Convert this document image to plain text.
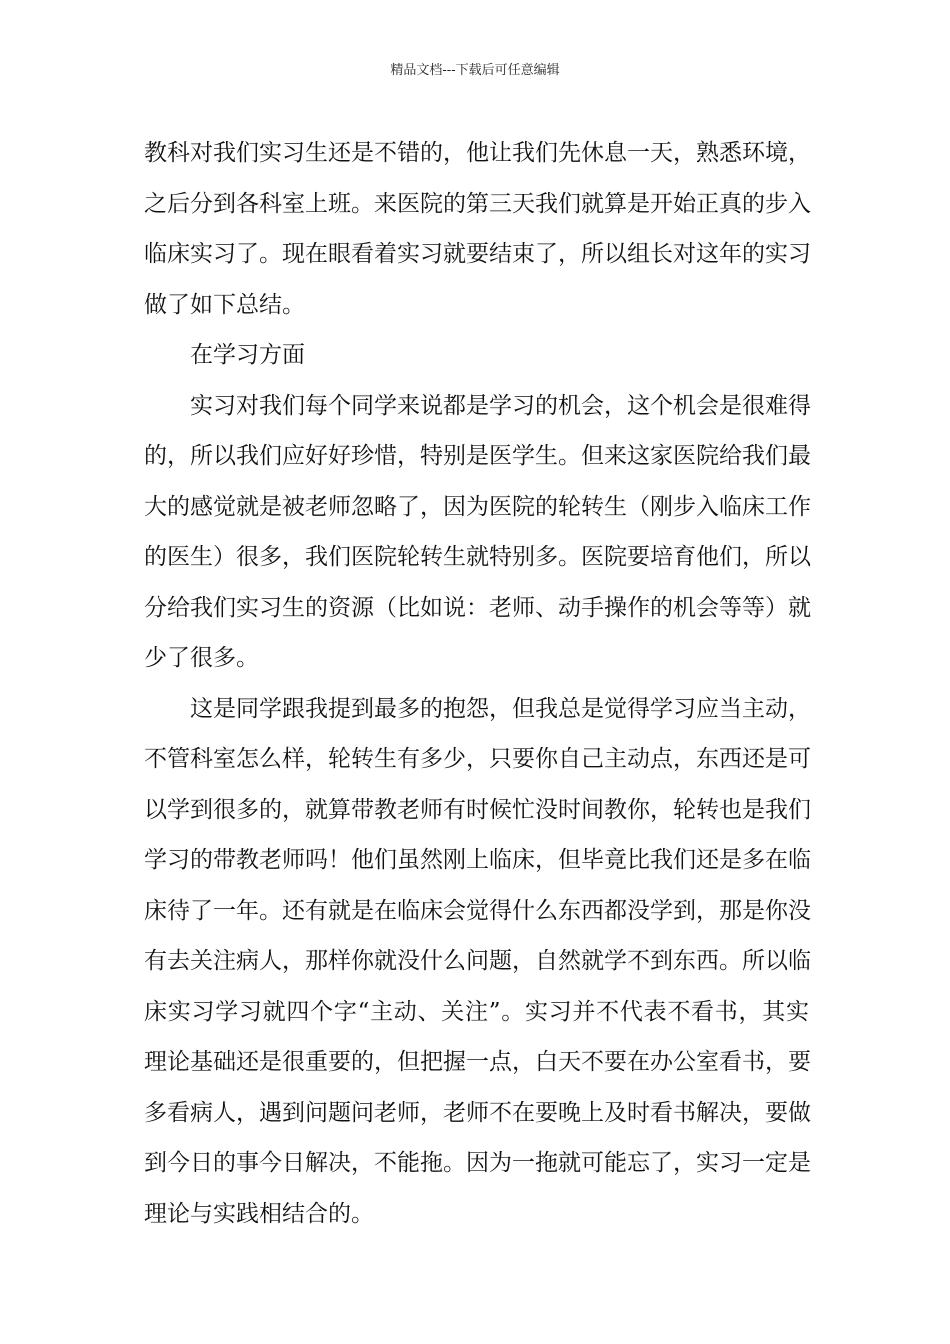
精品文档---下载后可任意编辑
教科对我们实习生还是不错的，他让我们先休息一天，熟悉环境，
之后分到各科室上班。来医院的第三天我们就算是开始正真的步入
临床实习了。现在眼看着实习就要结束了，所以组长对这年的实习
做了如下总结。
在学习方面
实习对我们每个同学来说都是学习的机会，这个机会是很难得
的，所以我们应好好珍惜，特别是医学生。但来这家医院给我们最
大的感觉就是被老师忽略了，因为医院的轮转生（刚步入临床工作
的医生）很多，我们医院轮转生就特别多。医院要培育他们，所以
分给我们实习生的资源（比如说：老师、动手操作的机会等等）就
少了很多。
这是同学跟我提到最多的抱怨，但我总是觉得学习应当主动，
不管科室怎么样，轮转生有多少，只要你自己主动点，东西还是可
以学到很多的，就算带教老师有时候忙没时间教你，轮转也是我们
学习的带教老师吗！他们虽然刚上临床，但毕竟比我们还是多在临
床待了一年。还有就是在临床会觉得什么东西都没学到，那是你没
有去关注病人，那样你就没什么问题，自然就学不到东西。所以临
床实习学习就四个字“主动、关注”。实习并不代表不看书，其实
理论基础还是很重要的，但把握一点，白天不要在办公室看书，要
多看病人，遇到问题问老师，老师不在要晚上及时看书解决，要做
到今日的事今日解决，不能拖。因为一拖就可能忘了，实习一定是
理论与实践相结合的。
